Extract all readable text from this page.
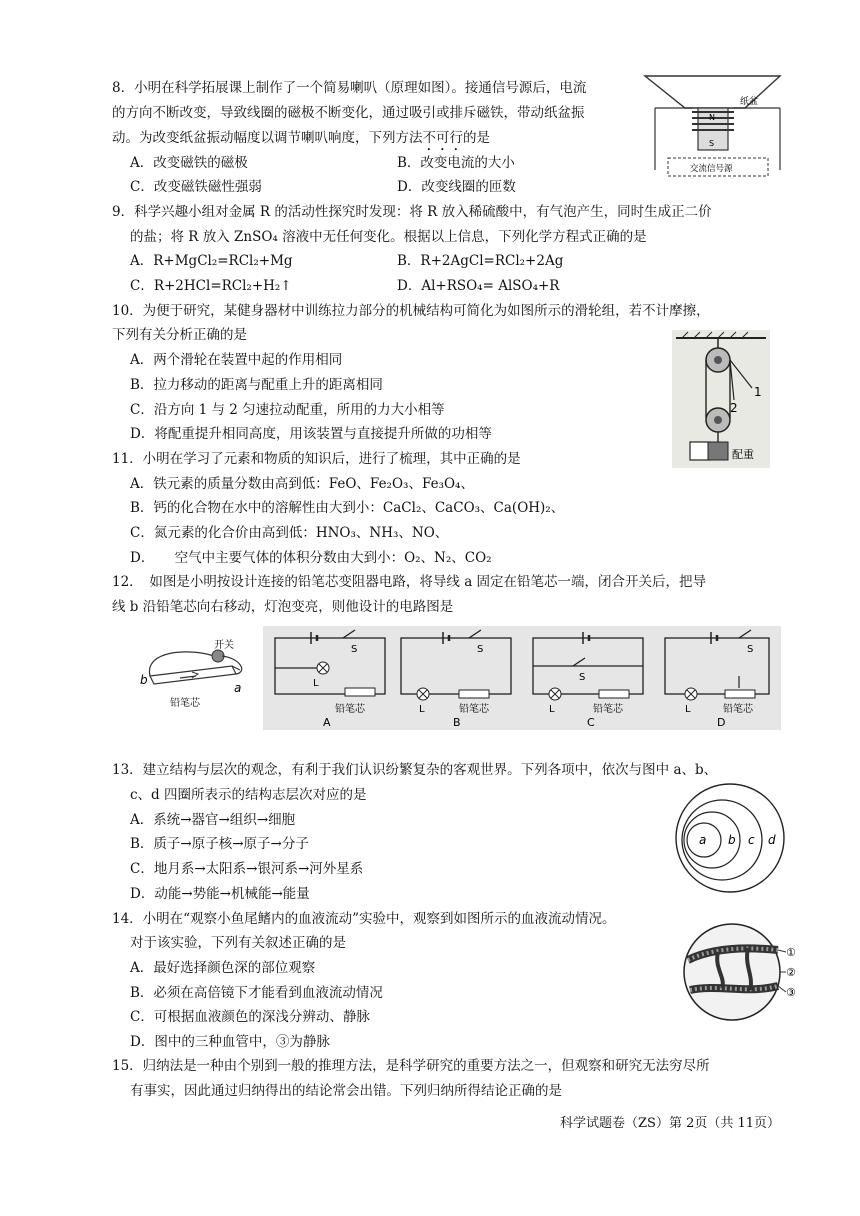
8．小明在科学拓展课上制作了一个简易喇叭（原理如图）。接通信号源后，电流
的方向不断改变，导致线圈的磁极不断变化，通过吸引或排斥磁铁，带动纸盆振
动。为改变纸盆振动幅度以调节喇叭响度，下列方法不可行的是
A．改变磁铁的磁极	B．改变电流的大小
C．改变磁铁磁性强弱	D．改变线圈的匝数
N
S
纸盆
交流信号源
9．科学兴趣小组对金属 R 的活动性探究时发现：将 R 放入稀硫酸中，有气泡产生，同时生成正二价
的盐；将 R 放入 ZnSO₄ 溶液中无任何变化。根据以上信息，下列化学方程式正确的是
A．R+MgCl₂=RCl₂+Mg	B．R+2AgCl=RCl₂+2Ag
C．R+2HCl=RCl₂+H₂↑	D．Al+RSO₄= AlSO₄+R
10．为便于研究，某健身器材中训练拉力部分的机械结构可简化为如图所示的滑轮组，若不计摩擦，
下列有关分析正确的是
A．两个滑轮在装置中起的作用相同
B．拉力移动的距离与配重上升的距离相同
C．沿方向 1 与 2 匀速拉动配重，所用的力大小相等
D．将配重提升相同高度，用该装置与直接提升所做的功相等
1
2
配重
11．小明在学习了元素和物质的知识后，进行了梳理，其中正确的是
A．铁元素的质量分数由高到低：FeO、Fe₂O₃、Fe₃O₄、
B．钙的化合物在水中的溶解性由大到小：CaCl₂、CaCO₃、Ca(OH)₂、
C．氮元素的化合价由高到低：HNO₃、NH₃、NO、
D．　　空气中主要气体的体积分数由大到小：O₂、N₂、CO₂
12．　如图是小明按设计连接的铅笔芯变阻器电路，将导线 a 固定在铅笔芯一端，闭合开关后，把导
线 b 沿铅笔芯向右移动，灯泡变亮，则他设计的电路图是
开关
b
a
铅笔芯
S
L
铅笔芯
A
S
L	铅笔芯
B
S
L	铅笔芯
C
S
L	铅笔芯
D
13．建立结构与层次的观念，有利于我们认识纷繁复杂的客观世界。下列各项中，依次与图中 a、b、
c、d 四圈所表示的结构志层次对应的是
A．系统→器官→组织→细胞
B．质子→原子核→原子→分子
C．地月系→太阳系→银河系→河外星系
D．动能→势能→机械能→能量
a b c d
14．小明在“观察小鱼尾鳍内的血液流动”实验中，观察到如图所示的血液流动情况。
对于该实验，下列有关叙述正确的是
A．最好选择颜色深的部位观察
B．必须在高倍镜下才能看到血液流动情况
C．可根据血液颜色的深浅分辨动、静脉
D．图中的三种血管中，③为静脉
①
②
③
15．归纳法是一种由个别到一般的推理方法，是科学研究的重要方法之一，但观察和研究无法穷尽所
有事实，因此通过归纳得出的结论常会出错。下列归纳所得结论正确的是
科学试题卷（ZS）第 2页（共 11页）
